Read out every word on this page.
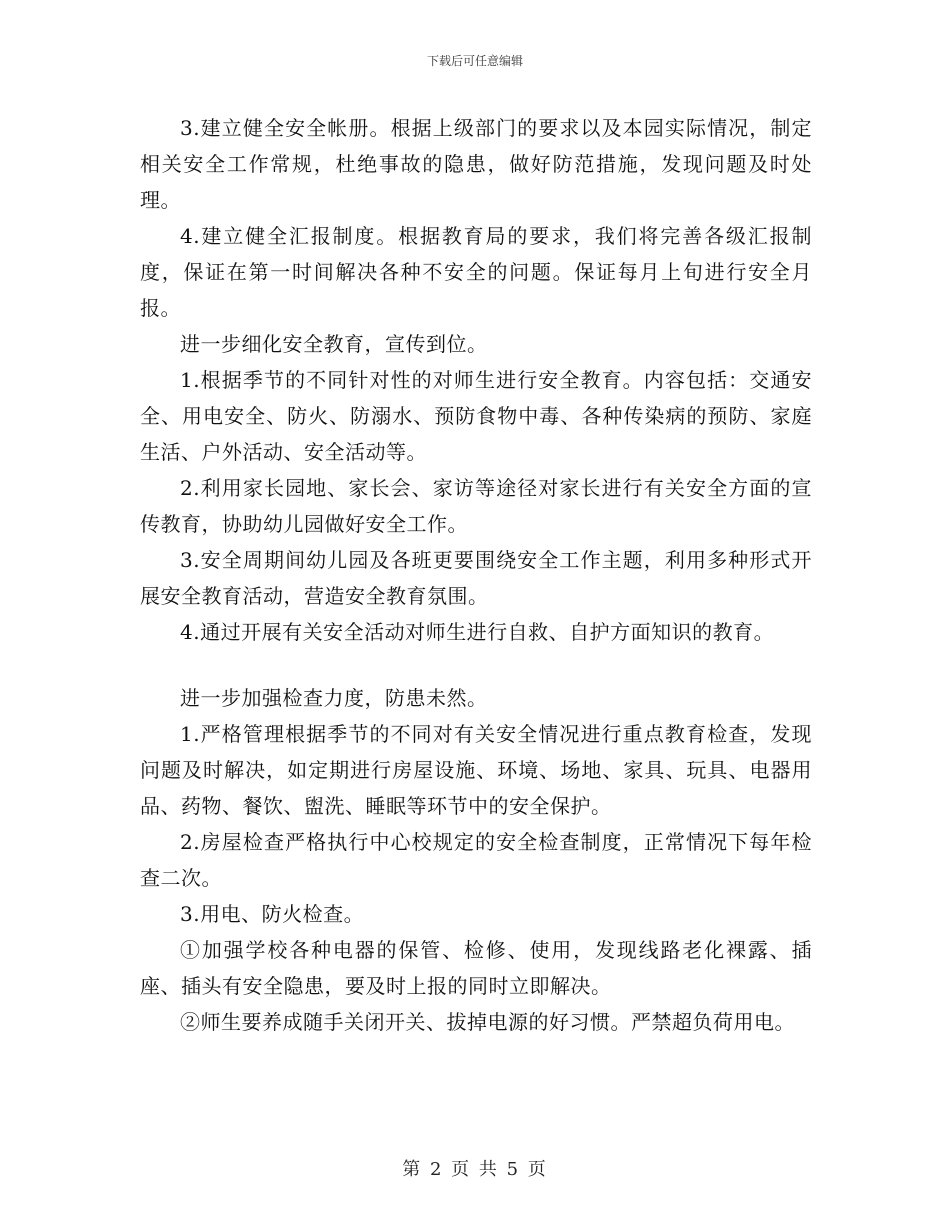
下载后可任意编辑

3.建立健全安全帐册。根据上级部门的要求以及本园实际情况，制定相关安全工作常规，杜绝事故的隐患，做好防范措施，发现问题及时处理。

4.建立健全汇报制度。根据教育局的要求，我们将完善各级汇报制度，保证在第一时间解决各种不安全的问题。保证每月上旬进行安全月报。

进一步细化安全教育，宣传到位。

1.根据季节的不同针对性的对师生进行安全教育。内容包括：交通安全、用电安全、防火、防溺水、预防食物中毒、各种传染病的预防、家庭生活、户外活动、安全活动等。

2.利用家长园地、家长会、家访等途径对家长进行有关安全方面的宣传教育，协助幼儿园做好安全工作。

3.安全周期间幼儿园及各班更要围绕安全工作主题，利用多种形式开展安全教育活动，营造安全教育氛围。

4.通过开展有关安全活动对师生进行自救、自护方面知识的教育。

进一步加强检查力度，防患未然。

1.严格管理根据季节的不同对有关安全情况进行重点教育检查，发现问题及时解决，如定期进行房屋设施、环境、场地、家具、玩具、电器用品、药物、餐饮、盥洗、睡眠等环节中的安全保护。

2.房屋检查严格执行中心校规定的安全检查制度，正常情况下每年检查二次。

3.用电、防火检查。

①加强学校各种电器的保管、检修、使用，发现线路老化裸露、插座、插头有安全隐患，要及时上报的同时立即解决。

②师生要养成随手关闭开关、拔掉电源的好习惯。严禁超负荷用电。

第 2 页 共 5 页
